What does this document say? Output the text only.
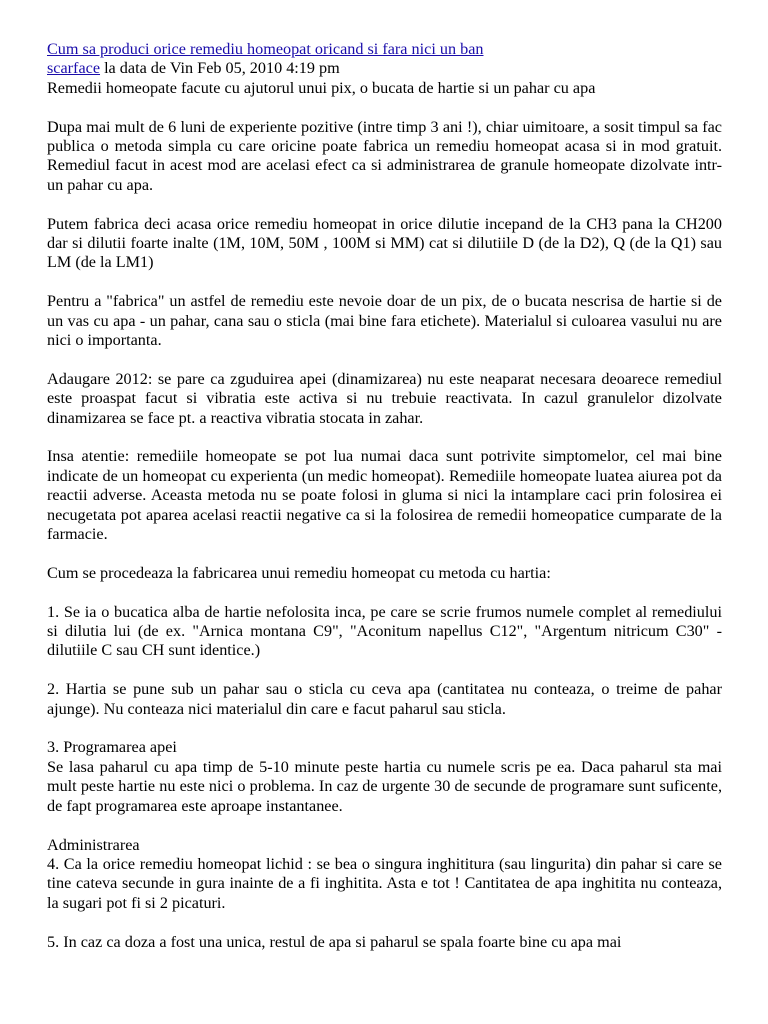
Cum sa produci orice remediu homeopat oricand si fara nici un ban
scarface la data de Vin Feb 05, 2010 4:19 pm

Remedii homeopate facute cu ajutorul unui pix, o bucata de hartie si un pahar cu apa

Dupa mai mult de 6 luni de experiente pozitive (intre timp 3 ani !), chiar uimitoare, a sosit timpul sa fac publica o metoda simpla cu care oricine poate fabrica un remediu homeopat acasa si in mod gratuit. Remediul facut in acest mod are acelasi efect ca si administrarea de granule homeopate dizolvate intr-un pahar cu apa.

Putem fabrica deci acasa orice remediu homeopat in orice dilutie incepand de la CH3 pana la CH200 dar si dilutii foarte inalte (1M, 10M, 50M , 100M si MM) cat si dilutiile D (de la D2), Q (de la Q1) sau LM (de la LM1)

Pentru a "fabrica" un astfel de remediu este nevoie doar de un pix, de o bucata nescrisa de hartie si de un vas cu apa - un pahar, cana sau o sticla (mai bine fara etichete). Materialul si culoarea vasului nu are nici o importanta.

Adaugare 2012: se pare ca zguduirea apei (dinamizarea) nu este neaparat necesara deoarece remediul este proaspat facut si vibratia este activa si nu trebuie reactivata. In cazul granulelor dizolvate dinamizarea se face pt. a reactiva vibratia stocata in zahar.

Insa atentie: remediile homeopate se pot lua numai daca sunt potrivite simptomelor, cel mai bine indicate de un homeopat cu experienta (un medic homeopat). Remediile homeopate luatea aiurea pot da reactii adverse. Aceasta metoda nu se poate folosi in gluma si nici la intamplare caci prin folosirea ei necugetata pot aparea acelasi reactii negative ca si la folosirea de remedii homeopatice cumparate de la farmacie.

Cum se procedeaza la fabricarea unui remediu homeopat cu metoda cu hartia:

1. Se ia o bucatica alba de hartie nefolosita inca, pe care se scrie frumos numele complet al remediului si dilutia lui (de ex. "Arnica montana C9", "Aconitum napellus C12", "Argentum nitricum C30" - dilutiile C sau CH sunt identice.)

2. Hartia se pune sub un pahar sau o sticla cu ceva apa (cantitatea nu conteaza, o treime de pahar ajunge). Nu conteaza nici materialul din care e facut paharul sau sticla.

3. Programarea apei
Se lasa paharul cu apa timp de 5-10 minute peste hartia cu numele scris pe ea. Daca paharul sta mai mult peste hartie nu este nici o problema. In caz de urgente 30 de secunde de programare sunt suficente, de fapt programarea este aproape instantanee.

Administrarea
4. Ca la orice remediu homeopat lichid : se bea o singura inghititura (sau lingurita) din pahar si care se tine cateva secunde in gura inainte de a fi inghitita. Asta e tot ! Cantitatea de apa inghitita nu conteaza, la sugari pot fi si 2 picaturi.

5. In caz ca doza a fost una unica, restul de apa si paharul se spala foarte bine cu apa mai
